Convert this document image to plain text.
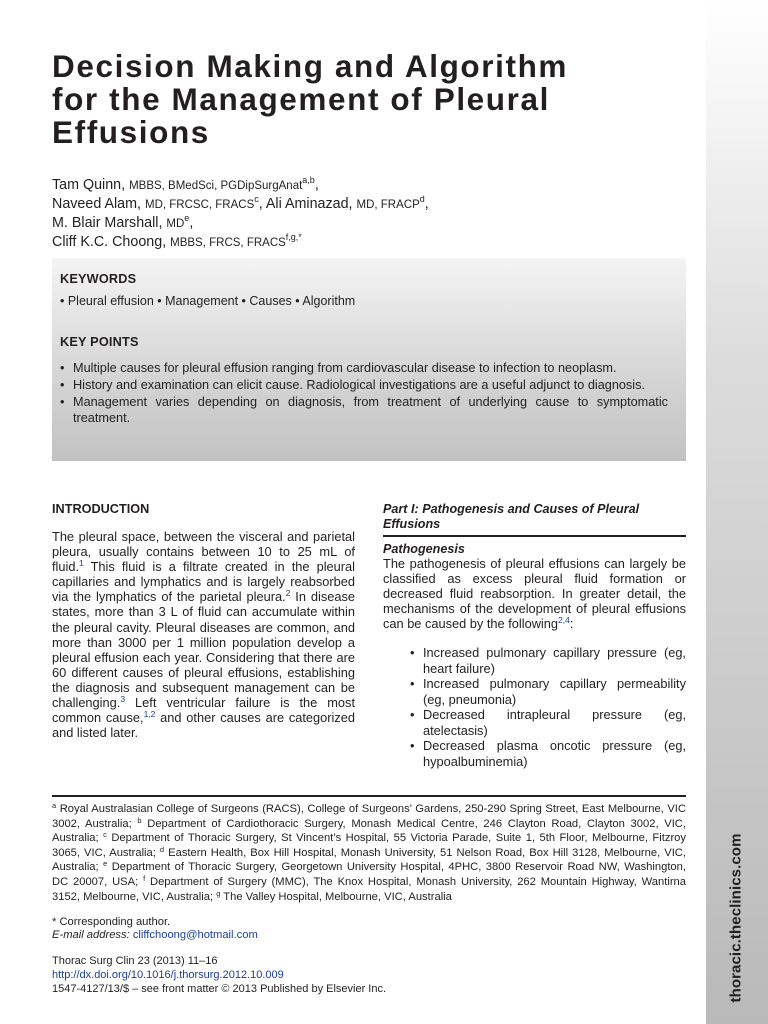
thoracic.theclinics.com
Decision Making and Algorithm
for the Management of Pleural
Effusions
Tam Quinn, MBBS, BMedSci, PGDipSurgAnat$^{a,b}$,
Naveed Alam, MD, FRCSC, FRACS$^c$, Ali Aminazad, MD, FRACP$^d$,
M. Blair Marshall, MDe,
Cliff K.C. Choong, MBBS, FRCS, $FRACS^{f,g,*}$
KEYWORDS
• Pleural effusion • Management • Causes • Algorithm
KEY POINTS
• Multiple causes for pleural effusion ranging from cardiovascular disease to infection to neoplasm.
• History and examination can elicit cause. Radiological investigations are a useful adjunct to diagnosis.
• Management varies depending on diagnosis, from treatment of underlying cause to symptomatic treatment.
INTRODUCTION

The pleural space, between the visceral and parietal pleura, usually contains between 10 to 25 mL of fluid.$^1$ This fluid is a filtrate created in the pleural capillaries and lymphatics and is largely reabsorbed via the lymphatics of the parietal pleura.$^2$ In disease states, more than 3 L of fluid can accumulate within the pleural cavity. Pleural diseases are common, and more than 3000 per 1 million population develop a pleural effusion each year. Considering that there are 60 different causes of pleural effusions, establishing the diagnosis and subsequent management can be challenging.$^3$ Left ventricular failure is the most common cause,$^{1,2}$ and other causes are categorized and listed later.

Part I: Pathogenesis and Causes of Pleural Effusions
Pathogenesis

The pathogenesis of pleural effusions can largely be classified as excess pleural fluid formation or decreased fluid reabsorption. In greater detail, the mechanisms of the development of pleural effusions can be caused by the following$^{2,4}$:

• Increased pulmonary capillary pressure (eg, heart failure)
• Increased pulmonary capillary permeability (eg, pneumonia)
• Decreased intrapleural pressure (eg, atelectasis)
• Decreased plasma oncotic pressure (eg, hypoalbuminemia)

$^a$ Royal Australasian College of Surgeons (RACS), College of Surgeons’ Gardens, 250-290 Spring Street, East Melbourne, VIC 3002, Australia; $^b$ Department of Cardiothoracic Surgery, Monash Medical Centre, 246 Clayton Road, Clayton 3002, VIC, Australia; $^c$ Department of Thoracic Surgery, St Vincent’s Hospital, 55 Victoria Parade, Suite 1, 5th Floor, Melbourne, Fitzroy 3065, VIC, Australia; $^d$ Eastern Health, Box Hill Hospital, Monash University, 51 Nelson Road, Box Hill 3128, Melbourne, VIC, Australia; $^e$ Department of Thoracic Surgery, Georgetown University Hospital, 4PHC, 3800 Reservoir Road NW, Washington, DC 20007, USA; $^f$ Department of Surgery (MMC), The Knox Hospital, Monash University, 262 Mountain Highway, Wantirna 3152, Melbourne, VIC, Australia; $^g$ The Valley Hospital, Melbourne, VIC, Australia

* Corresponding author.
E-mail address: cliffchoong@hotmail.com
Thorac Surg Clin 23 (2013) 11–16
http://dx.doi.org/10.1016/j.thorsurg.2012.10.009
1547-4127/13/$ – see front matter © 2013 Published by Elsevier Inc.
